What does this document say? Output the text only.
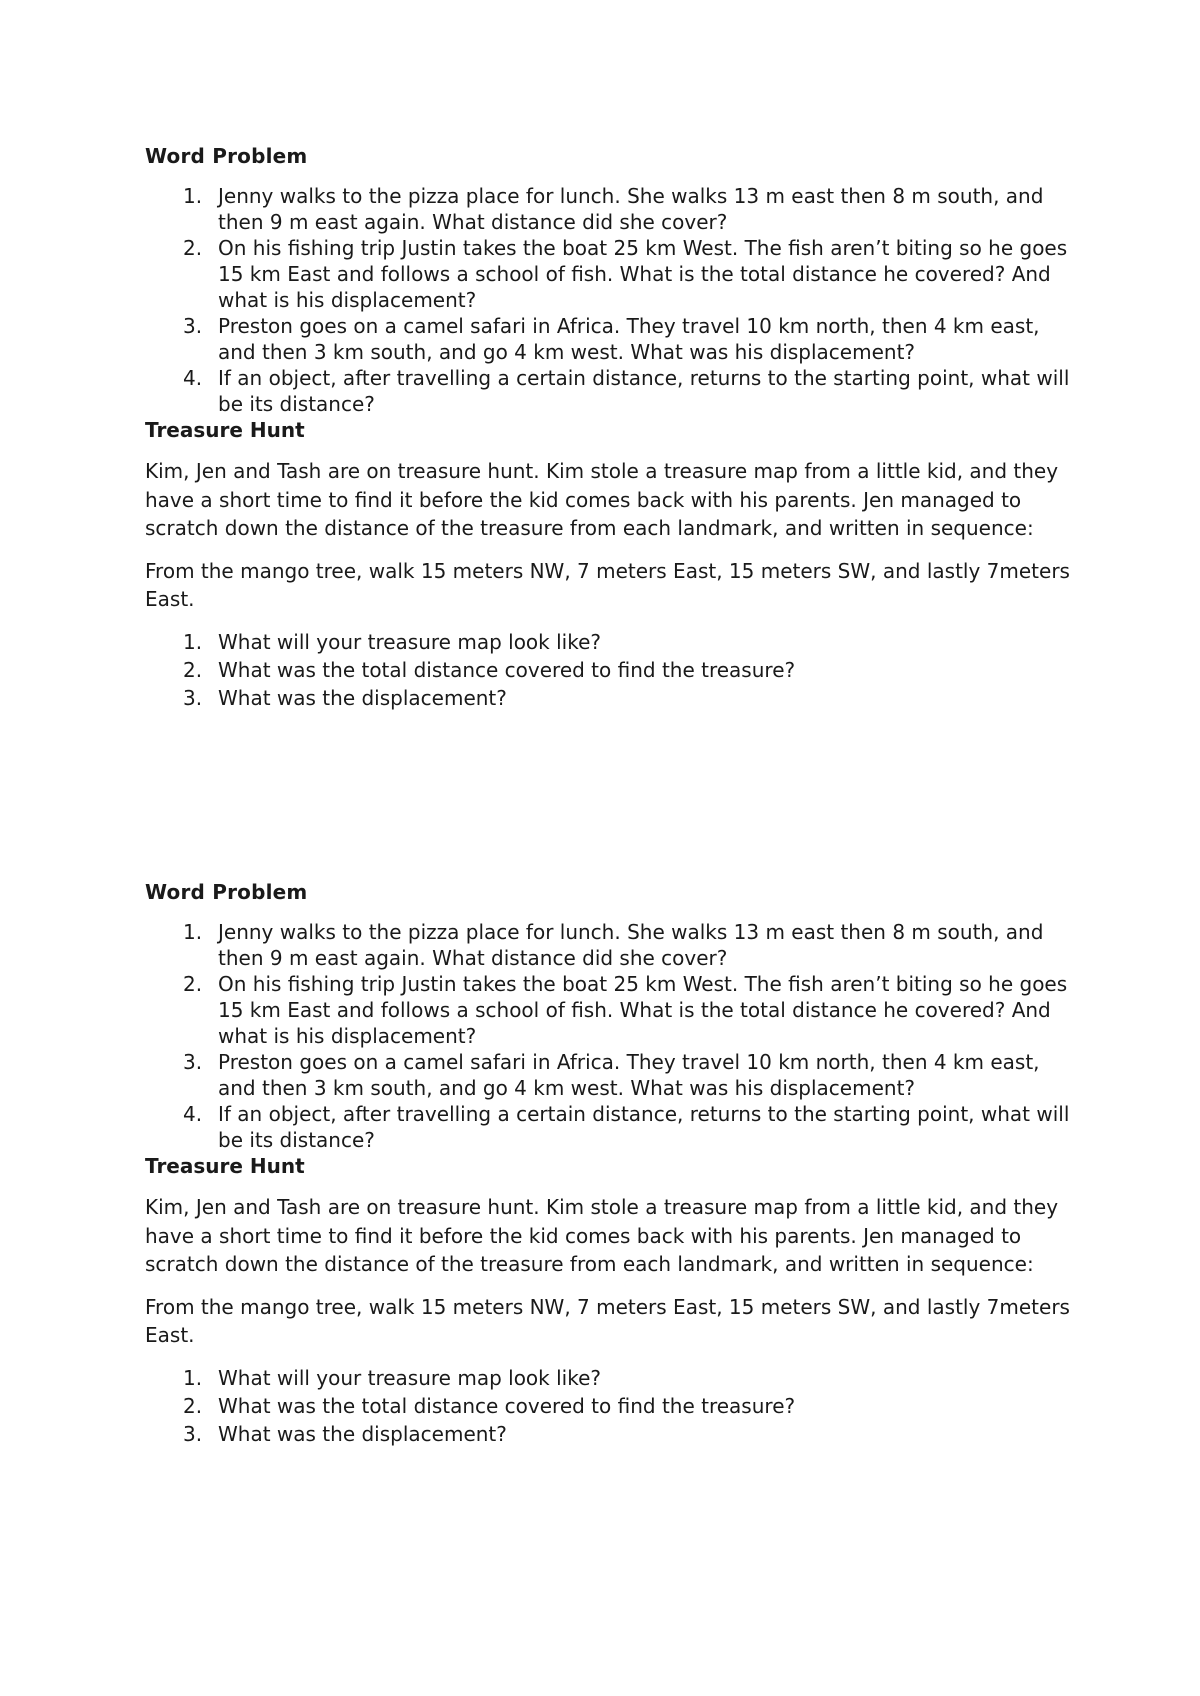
Word Problem
1. Jenny walks to the pizza place for lunch. She walks 13 m east then 8 m south, and then 9 m east again. What distance did she cover?
2. On his fishing trip Justin takes the boat 25 km West. The fish aren’t biting so he goes 15 km East and follows a school of fish. What is the total distance he covered? And what is his displacement?
3. Preston goes on a camel safari in Africa. They travel 10 km north, then 4 km east, and then 3 km south, and go 4 km west. What was his displacement?
4. If an object, after travelling a certain distance, returns to the starting point, what will be its distance?
Treasure Hunt

Kim, Jen and Tash are on treasure hunt. Kim stole a treasure map from a little kid, and they have a short time to find it before the kid comes back with his parents. Jen managed to scratch down the distance of the treasure from each landmark, and written in sequence:

From the mango tree, walk 15 meters NW, 7 meters East, 15 meters SW, and lastly 7meters East.

1. What will your treasure map look like?
2. What was the total distance covered to find the treasure?
3. What was the displacement?
Word Problem
1. Jenny walks to the pizza place for lunch. She walks 13 m east then 8 m south, and then 9 m east again. What distance did she cover?
2. On his fishing trip Justin takes the boat 25 km West. The fish aren’t biting so he goes 15 km East and follows a school of fish. What is the total distance he covered? And what is his displacement?
3. Preston goes on a camel safari in Africa. They travel 10 km north, then 4 km east, and then 3 km south, and go 4 km west. What was his displacement?
4. If an object, after travelling a certain distance, returns to the starting point, what will be its distance?
Treasure Hunt

Kim, Jen and Tash are on treasure hunt. Kim stole a treasure map from a little kid, and they have a short time to find it before the kid comes back with his parents. Jen managed to scratch down the distance of the treasure from each landmark, and written in sequence:

From the mango tree, walk 15 meters NW, 7 meters East, 15 meters SW, and lastly 7meters East.

1. What will your treasure map look like?
2. What was the total distance covered to find the treasure?
3. What was the displacement?
